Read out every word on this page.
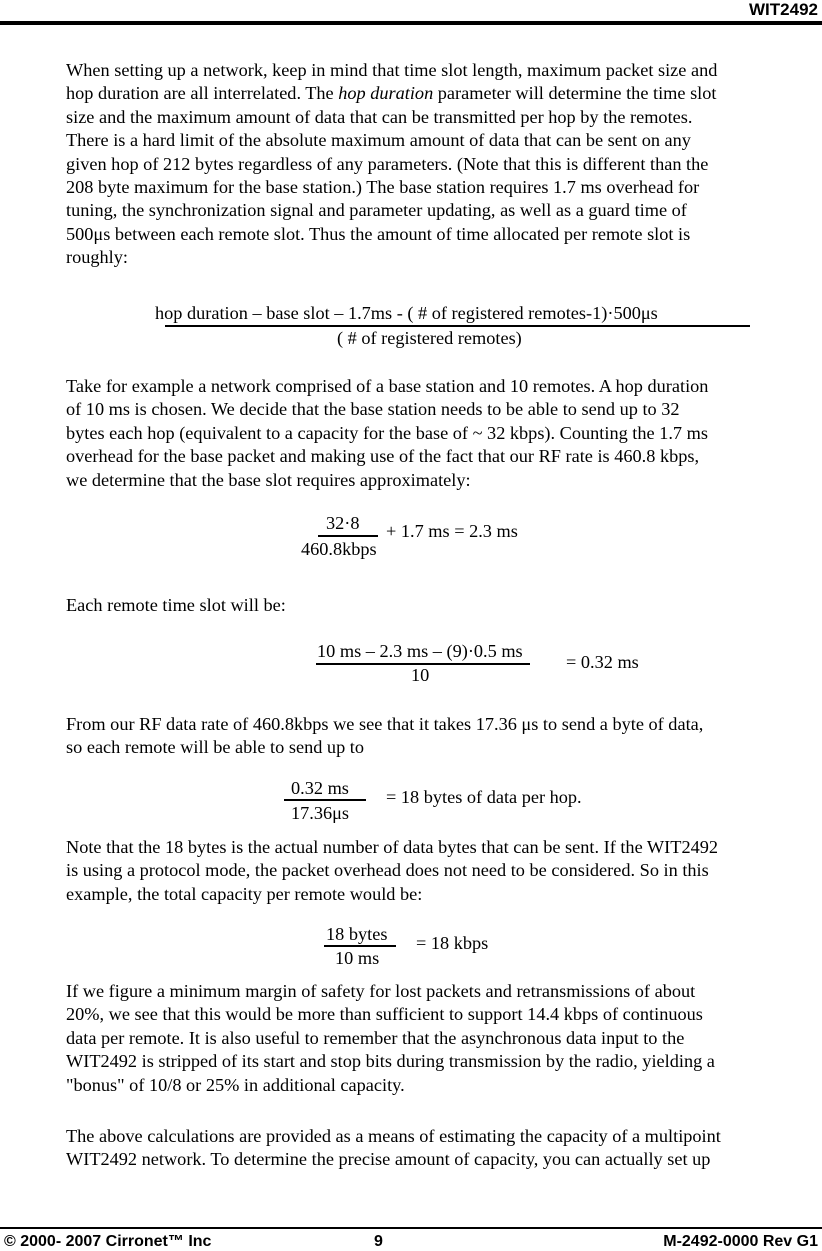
WIT2492
When setting up a network, keep in mind that time slot length, maximum packet size and
hop duration are all interrelated. The hop duration parameter will determine the time slot
size and the maximum amount of data that can be transmitted per hop by the remotes.
There is a hard limit of the absolute maximum amount of data that can be sent on any
given hop of 212 bytes regardless of any parameters. (Note that this is different than the
208 byte maximum for the base station.) The base station requires 1.7 ms overhead for
tuning, the synchronization signal and parameter updating, as well as a guard time of
500μs between each remote slot. Thus the amount of time allocated per remote slot is
roughly:
hop duration – base slot – 1.7ms - ( # of registered remotes-1)·500μs
( # of registered remotes)
Take for example a network comprised of a base station and 10 remotes. A hop duration
of 10 ms is chosen. We decide that the base station needs to be able to send up to 32
bytes each hop (equivalent to a capacity for the base of ~ 32 kbps). Counting the 1.7 ms
overhead for the base packet and making use of the fact that our RF rate is 460.8 kbps,
we determine that the base slot requires approximately:
32·8
460.8kbps
+ 1.7 ms = 2.3 ms
Each remote time slot will be:
10 ms – 2.3 ms – (9)·0.5 ms
10
= 0.32 ms
From our RF data rate of 460.8kbps we see that it takes 17.36 μs to send a byte of data,
so each remote will be able to send up to
0.32 ms
17.36μs
= 18 bytes of data per hop.
Note that the 18 bytes is the actual number of data bytes that can be sent. If the WIT2492
is using a protocol mode, the packet overhead does not need to be considered. So in this
example, the total capacity per remote would be:
18 bytes
10 ms
= 18 kbps
If we figure a minimum margin of safety for lost packets and retransmissions of about
20%, we see that this would be more than sufficient to support 14.4 kbps of continuous
data per remote. It is also useful to remember that the asynchronous data input to the
WIT2492 is stripped of its start and stop bits during transmission by the radio, yielding a
"bonus" of 10/8 or 25% in additional capacity.
The above calculations are provided as a means of estimating the capacity of a multipoint
WIT2492 network. To determine the precise amount of capacity, you can actually set up
© 2000- 2007 Cirronet™ Inc	9	M-2492-0000 Rev G1
